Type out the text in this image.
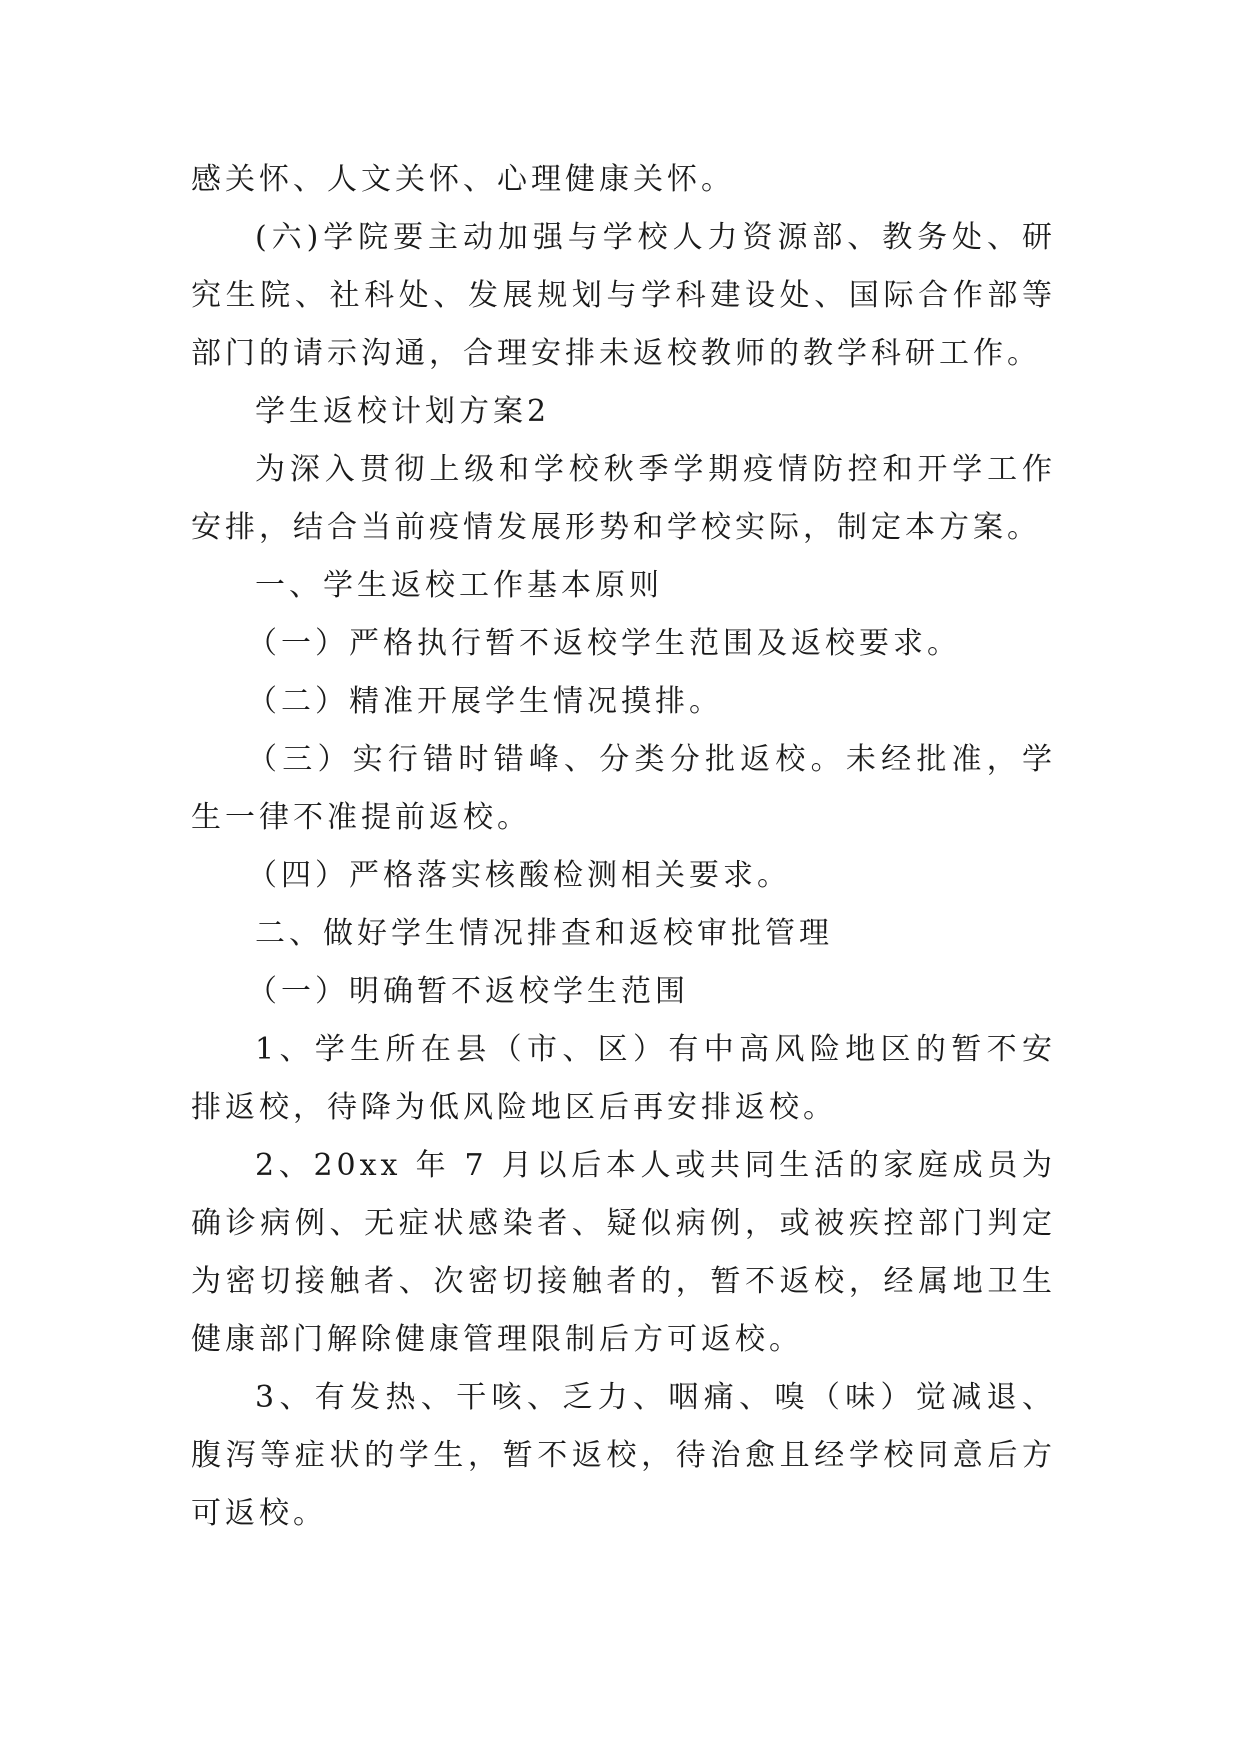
感关怀、人文关怀、心理健康关怀。

(六)学院要主动加强与学校人力资源部、教务处、研究生院、社科处、发展规划与学科建设处、国际合作部等部门的请示沟通，合理安排未返校教师的教学科研工作。

学生返校计划方案2

为深入贯彻上级和学校秋季学期疫情防控和开学工作安排，结合当前疫情发展形势和学校实际，制定本方案。

一、学生返校工作基本原则

（一）严格执行暂不返校学生范围及返校要求。

（二）精准开展学生情况摸排。

（三）实行错时错峰、分类分批返校。未经批准，学生一律不准提前返校。

（四）严格落实核酸检测相关要求。

二、做好学生情况排查和返校审批管理

（一）明确暂不返校学生范围

1、学生所在县（市、区）有中高风险地区的暂不安排返校，待降为低风险地区后再安排返校。

2、20xx 年 7 月以后本人或共同生活的家庭成员为确诊病例、无症状感染者、疑似病例，或被疾控部门判定为密切接触者、次密切接触者的，暂不返校，经属地卫生健康部门解除健康管理限制后方可返校。

3、有发热、干咳、乏力、咽痛、嗅（味）觉减退、腹泻等症状的学生，暂不返校，待治愈且经学校同意后方可返校。
